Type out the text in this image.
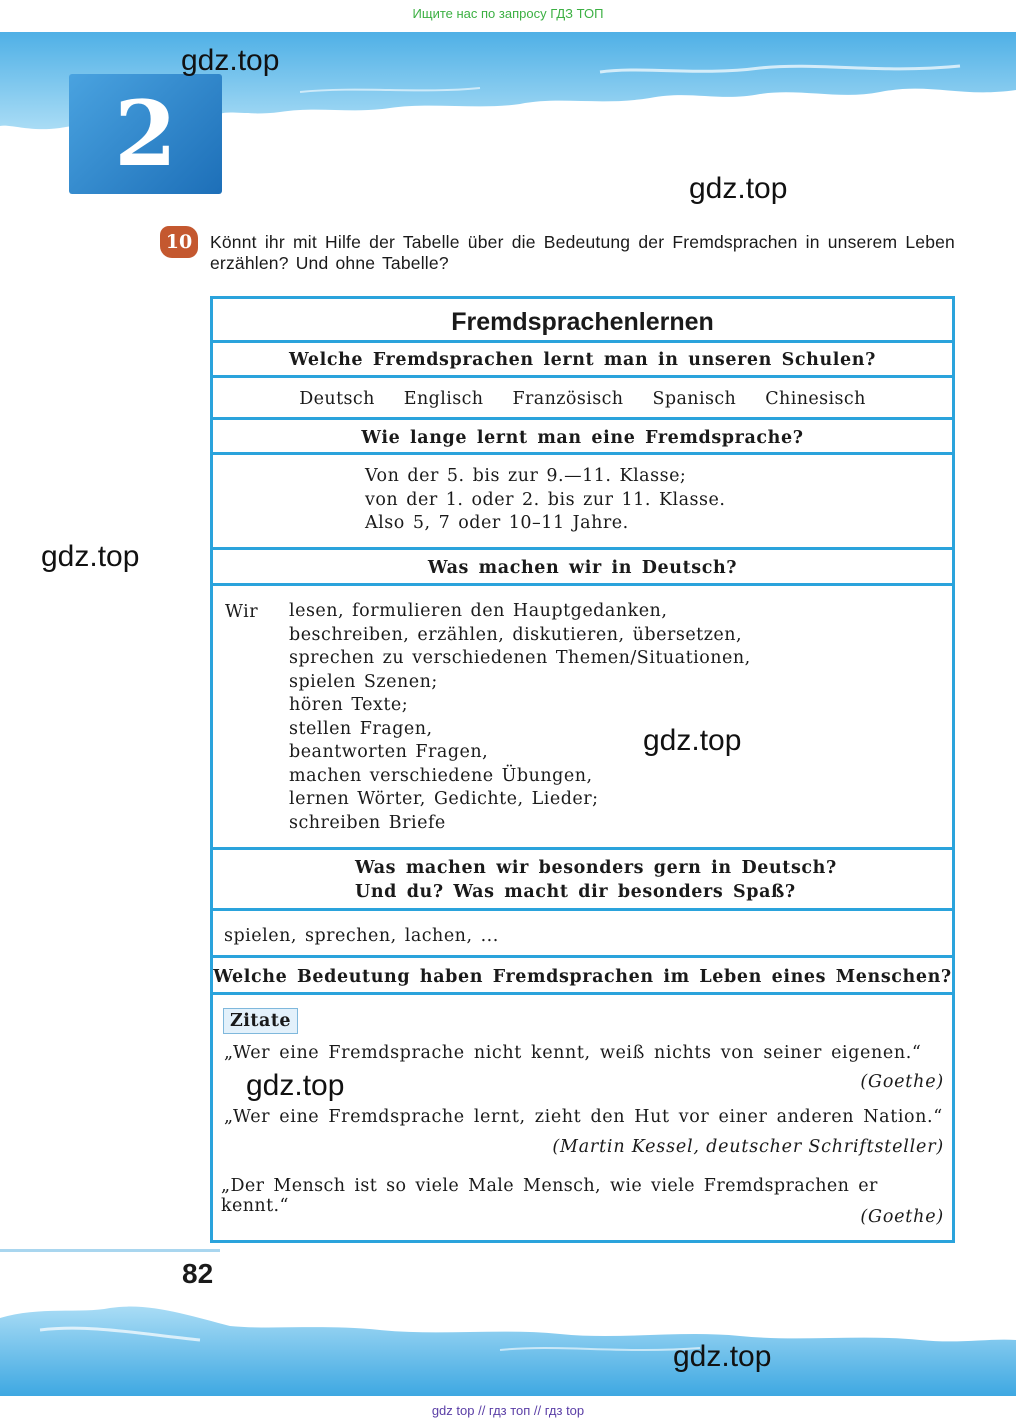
Ищите нас по запросу ГДЗ ТОП
2
gdz.top
gdz.top
gdz.top
10	Könnt ihr mit Hilfe der Tabelle über die Bedeutung der Fremdsprachen in unserem Leben erzählen? Und ohne Tabelle?
Fremdsprachenlernen
Welche Fremdsprachen lernt man in unseren Schulen?
Deutsch Englisch Französisch Spanisch Chinesisch
Wie lange lernt man eine Fremdsprache?
Von der 5. bis zur 9.—11. Klasse;
von der 1. oder 2. bis zur 11. Klasse.
Also 5, 7 oder 10–11 Jahre.
Was machen wir in Deutsch?
Wir	lesen, formulieren den Hauptgedanken,
beschreiben, erzählen, diskutieren, übersetzen,
sprechen zu verschiedenen Themen/Situationen,
spielen Szenen;
hören Texte;
stellen Fragen,
beantworten Fragen,
machen verschiedene Übungen,
lernen Wörter, Gedichte, Lieder;
schreiben Briefe
gdz.top
Was machen wir besonders gern in Deutsch?
Und du? Was macht dir besonders Spaß?
spielen, sprechen, lachen, ...
Welche Bedeutung haben Fremdsprachen im Leben eines Menschen?
Zitate
„Wer eine Fremdsprache nicht kennt, weiß nichts von seiner eigenen.“
(Goethe)
gdz.top
„Wer eine Fremdsprache lernt, zieht den Hut vor einer anderen Nation.“
(Martin Kessel, deutscher Schriftsteller)
„Der Mensch ist so viele Male Mensch, wie viele Fremdsprachen er kennt.“
(Goethe)
82
gdz.top
gdz top // гдз топ // гдз top
